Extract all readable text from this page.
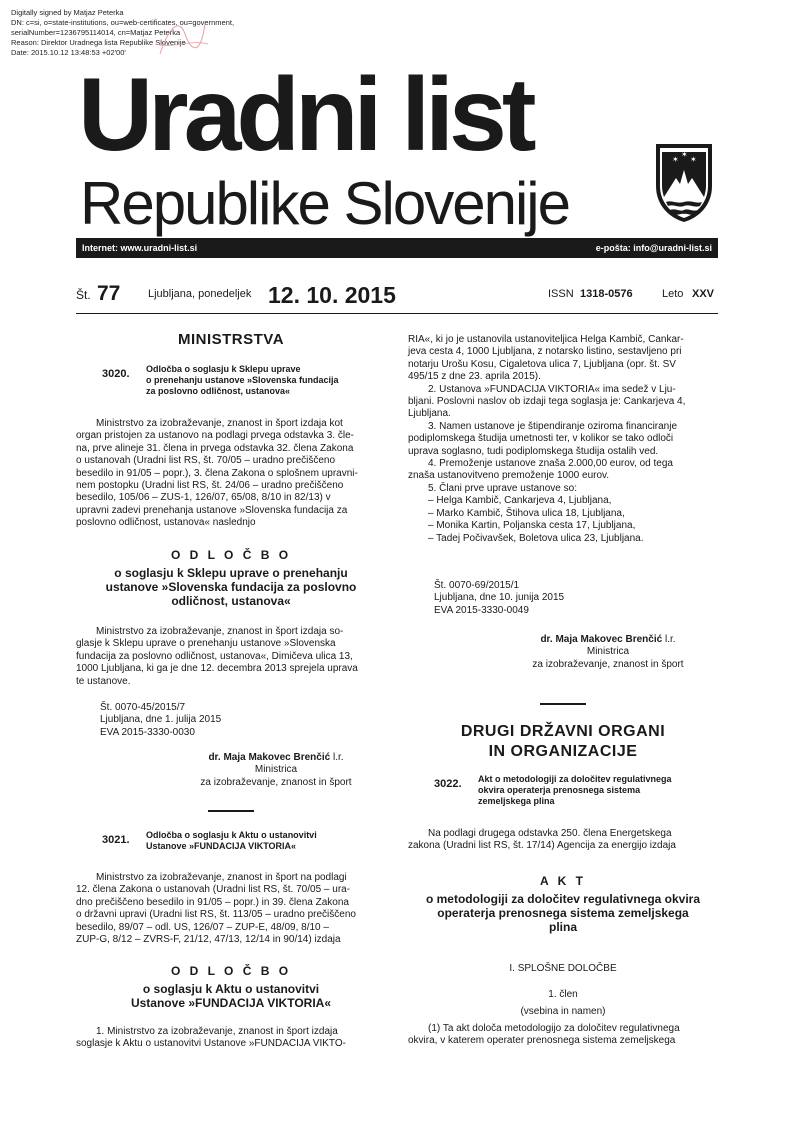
Digitally signed by Matjaz Peterka
DN: c=si, o=state-institutions, ou=web-certificates, ou=government,
serialNumber=1236795114014, cn=Matjaz Peterka
Reason: Direktor Uradnega lista Republike Slovenije
Date: 2015.10.12 13:48:53 +02'00'
Uradni list
Republike Slovenije
✶ ✶
✶
Internet: www.uradni-list.si	e-pošta: info@uradni-list.si
Št. 77	Ljubljana, ponedeljek 12. 10. 2015	ISSN 1318-0576	Leto XXV
MINISTRSTVA
3020. Odločba o soglasju k Sklepu uprave
o prenehanju ustanove »Slovenska fundacija
za poslovno odličnost, ustanova«

Ministrstvo za izobraževanje, znanost in šport izdaja kot

organ pristojen za ustanovo na podlagi prvega odstavka 3. čle-

na, prve alineje 31. člena in prvega odstavka 32. člena Zakona

o ustanovah (Uradni list RS, št. 70/05 – uradno prečiščeno

besedilo in 91/05 – popr.), 3. člena Zakona o splošnem upravni-

nem postopku (Uradni list RS, št. 24/06 – uradno prečiščeno

besedilo, 105/06 – ZUS-1, 126/07, 65/08, 8/10 in 82/13) v

upravni zadevi prenehanja ustanove »Slovenska fundacija za

poslovno odličnost, ustanova« naslednjo

O D L O Č B O
o soglasju k Sklepu uprave o prenehanju
ustanove »Slovenska fundacija za poslovno
odličnost, ustanova«

Ministrstvo za izobraževanje, znanost in šport izdaja so-

glasje k Sklepu uprave o prenehanju ustanove »Slovenska

fundacija za poslovno odličnost, ustanova«, Dimičeva ulica 13,

1000 Ljubljana, ki ga je dne 12. decembra 2013 sprejela uprava

te ustanove.

Št. 0070-45/2015/7

Ljubljana, dne 1. julija 2015

EVA 2015-3330-0030

dr. Maja Makovec Brenčić l.r.

Ministrica

za izobraževanje, znanost in šport

3021. Odločba o soglasju k Aktu o ustanovitvi
Ustanove »FUNDACIJA VIKTORIA«

Ministrstvo za izobraževanje, znanost in šport na podlagi

12. člena Zakona o ustanovah (Uradni list RS, št. 70/05 – ura-

dno prečiščeno besedilo in 91/05 – popr.) in 39. člena Zakona

o državni upravi (Uradni list RS, št. 113/05 – uradno prečiščeno

besedilo, 89/07 – odl. US, 126/07 – ZUP-E, 48/09, 8/10 –

ZUP-G, 8/12 – ZVRS-F, 21/12, 47/13, 12/14 in 90/14) izdaja

O D L O Č B O
o soglasju k Aktu o ustanovitvi
Ustanove »FUNDACIJA VIKTORIA«

1. Ministrstvo za izobraževanje, znanost in šport izdaja

soglasje k Aktu o ustanovitvi Ustanove »FUNDACIJA VIKTO-

RIA«, ki jo je ustanovila ustanoviteljica Helga Kambič, Cankar-

jeva cesta 4, 1000 Ljubljana, z notarsko listino, sestavljeno pri

notarju Urošu Kosu, Cigaletova ulica 7, Ljubljana (opr. št. SV

495/15 z dne 23. aprila 2015).

2. Ustanova »FUNDACIJA VIKTORIA« ima sedež v Lju-

bljani. Poslovni naslov ob izdaji tega soglasja je: Cankarjeva 4,

Ljubljana.

3. Namen ustanove je štipendiranje oziroma financiranje

podiplomskega študija umetnosti ter, v kolikor se tako odloči

uprava soglasno, tudi podiplomskega študija ostalih ved.

4. Premoženje ustanove znaša 2.000,00 eurov, od tega

znaša ustanovitveno premoženje 1000 eurov.

5. Člani prve uprave ustanove so:

– Helga Kambič, Cankarjeva 4, Ljubljana,

– Marko Kambič, Štihova ulica 18, Ljubljana,

– Monika Kartin, Poljanska cesta 17, Ljubljana,

– Tadej Počivavšek, Boletova ulica 23, Ljubljana.

Št. 0070-69/2015/1

Ljubljana, dne 10. junija 2015

EVA 2015-3330-0049

dr. Maja Makovec Brenčić l.r.

Ministrica

za izobraževanje, znanost in šport

DRUGI DRŽAVNI ORGANI
IN ORGANIZACIJE
3022. Akt o metodologiji za določitev regulativnega
okvira operaterja prenosnega sistema
zemeljskega plina

Na podlagi drugega odstavka 250. člena Energetskega

zakona (Uradni list RS, št. 17/14) Agencija za energijo izdaja

A K T
o metodologiji za določitev regulativnega okvira
operaterja prenosnega sistema zemeljskega
plina
I. SPLOŠNE DOLOČBE
1. člen
(vsebina in namen)

(1) Ta akt določa metodologijo za določitev regulativnega

okvira, v katerem operater prenosnega sistema zemeljskega
